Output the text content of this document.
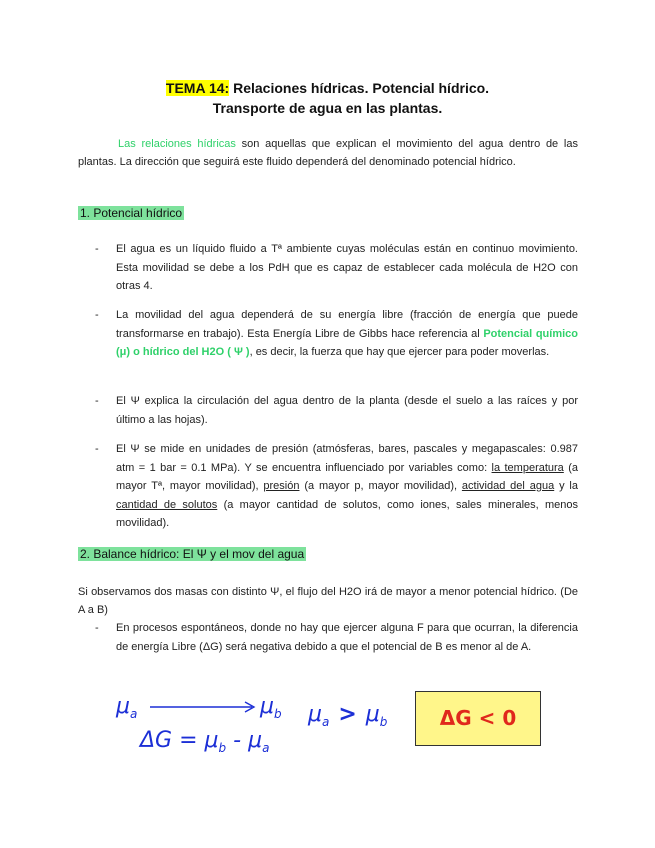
TEMA 14: Relaciones hídricas. Potencial hídrico.
Transporte de agua en las plantas.
Las relaciones hídricas son aquellas que explican el movimiento del agua dentro de las plantas. La dirección que seguirá este fluido dependerá del denominado potencial hídrico.
1. Potencial hídrico
- El agua es un líquido fluido a Tª ambiente cuyas moléculas están en continuo movimiento. Esta movilidad se debe a los PdH que es capaz de establecer cada molécula de H2O con otras 4.
- La movilidad del agua dependerá de su energía libre (fracción de energía que puede transformarse en trabajo). Esta Energía Libre de Gibbs hace referencia al Potencial químico (μ) o hídrico del H2O ( Ψ ), es decir, la fuerza que hay que ejercer para poder moverlas.
- El Ψ explica la circulación del agua dentro de la planta (desde el suelo a las raíces y por último a las hojas).
- El Ψ se mide en unidades de presión (atmósferas, bares, pascales y megapascales: 0.987 atm = 1 bar = 0.1 MPa). Y se encuentra influenciado por variables como: la temperatura (a mayor Tª, mayor movilidad), presión (a mayor p, mayor movilidad), actividad del agua y la cantidad de solutos (a mayor cantidad de solutos, como iones, sales minerales, menos movilidad).
2. Balance hídrico: El Ψ y el mov del agua
Si observamos dos masas con distinto Ψ, el flujo del H2O irá de mayor a menor potencial hídrico. (De A a B)
- En procesos espontáneos, donde no hay que ejercer alguna F para que ocurran, la diferencia de energía Libre (ΔG) será negativa debido a que el potencial de B es menor al de A.
$\mu_a$	$\mu_b$ $\mu_a > \mu_b$
$\Delta G = \mu_b - \mu_a$
ΔG < 0
